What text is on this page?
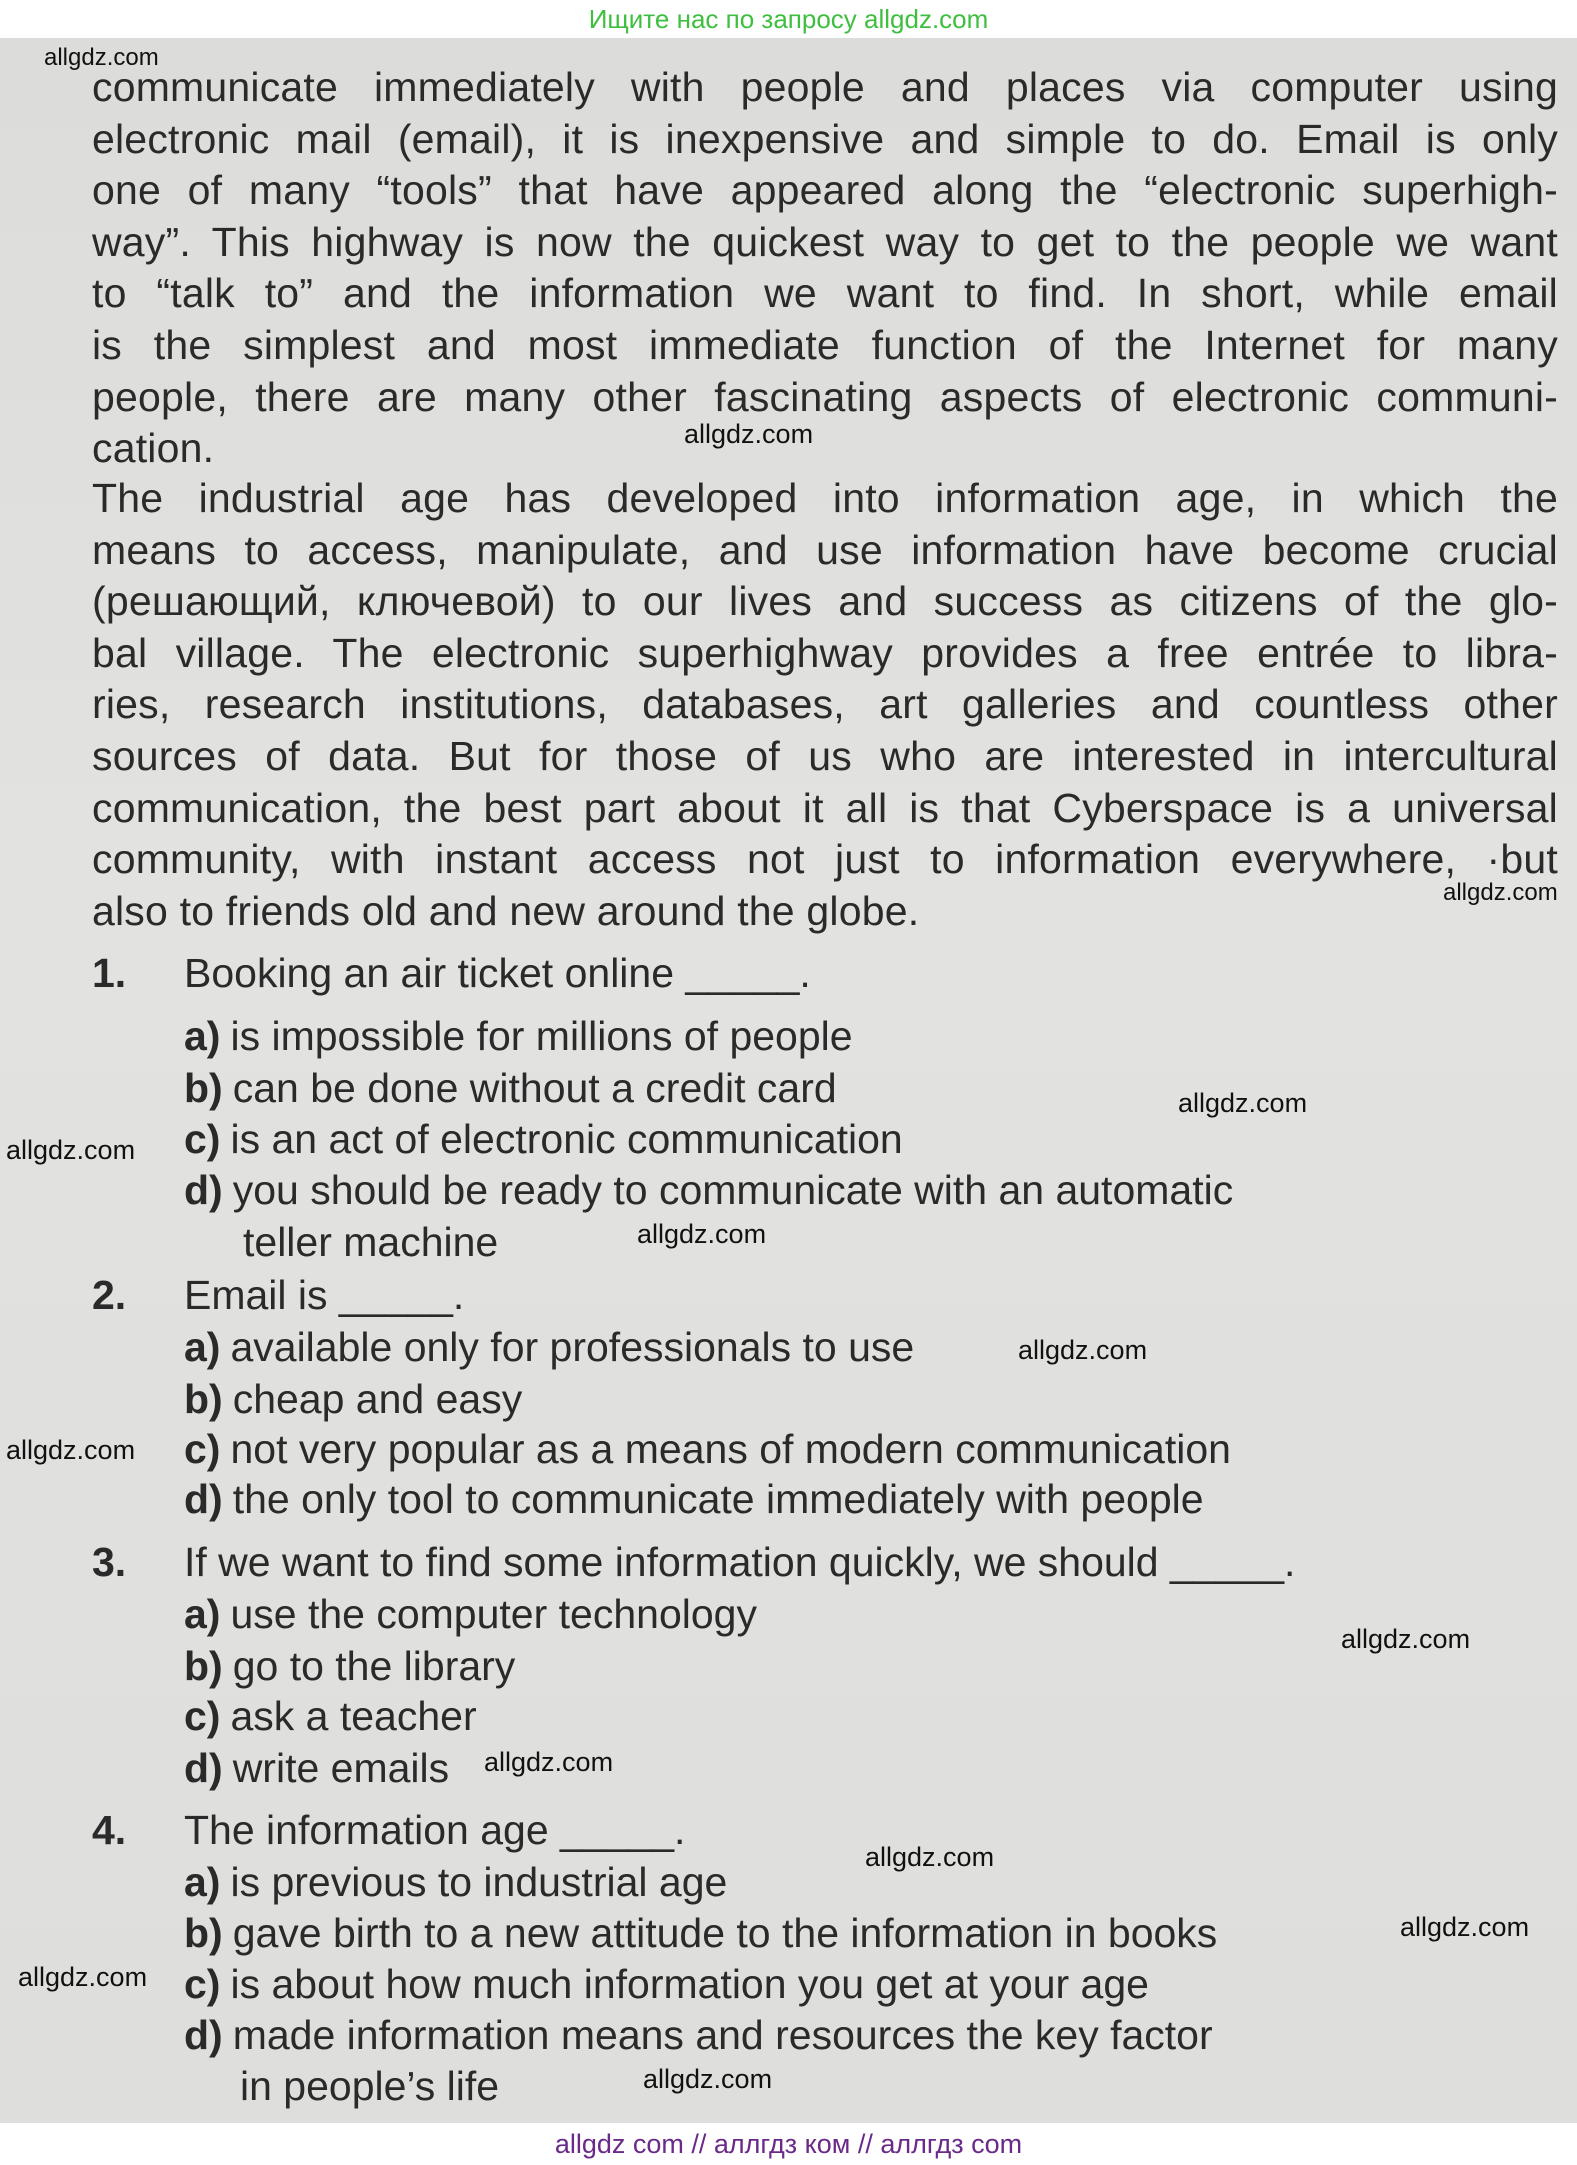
Ищите нас по запросу allgdz.com
communicate immediately with people and places via computer using
electronic mail (email), it is inexpensive and simple to do. Email is only
one of many “tools” that have appeared along the “electronic superhigh-
way”. This highway is now the quickest way to get to the people we want
to “talk to” and the information we want to find. In short, while email
is the simplest and most immediate function of the Internet for many
people, there are many other fascinating aspects of electronic communi-
cation.
The industrial age has developed into information age, in which the
means to access, manipulate, and use information have become crucial
(решающий, ключевой) to our lives and success as citizens of the glo-
bal village. The electronic superhighway provides a free entrée to libra-
ries, research institutions, databases, art galleries and countless other
sources of data. But for those of us who are interested in intercultural
communication, the best part about it all is that Cyberspace is a universal
community, with instant access not just to information everywhere, ·but
also to friends old and new around the globe.
1. Booking an air ticket online _____.
a) is impossible for millions of people
b) can be done without a credit card
c) is an act of electronic communication
d) you should be ready to communicate with an automatic
teller machine
2. Email is _____.
a) available only for professionals to use
b) cheap and easy
c) not very popular as a means of modern communication
d) the only tool to communicate immediately with people
3. If we want to find some information quickly, we should _____.
a) use the computer technology
b) go to the library
c) ask a teacher
d) write emails
4. The information age _____.
a) is previous to industrial age
b) gave birth to a new attitude to the information in books
c) is about how much information you get at your age
d) made information means and resources the key factor
in people’s life
allgdz.com
allgdz.com
allgdz.com
allgdz.com
allgdz.com
allgdz.com
allgdz.com
allgdz.com
allgdz.com
allgdz.com
allgdz.com
allgdz.com
allgdz.com
allgdz.com
allgdz com // аллгдз ком // аллгдз com
